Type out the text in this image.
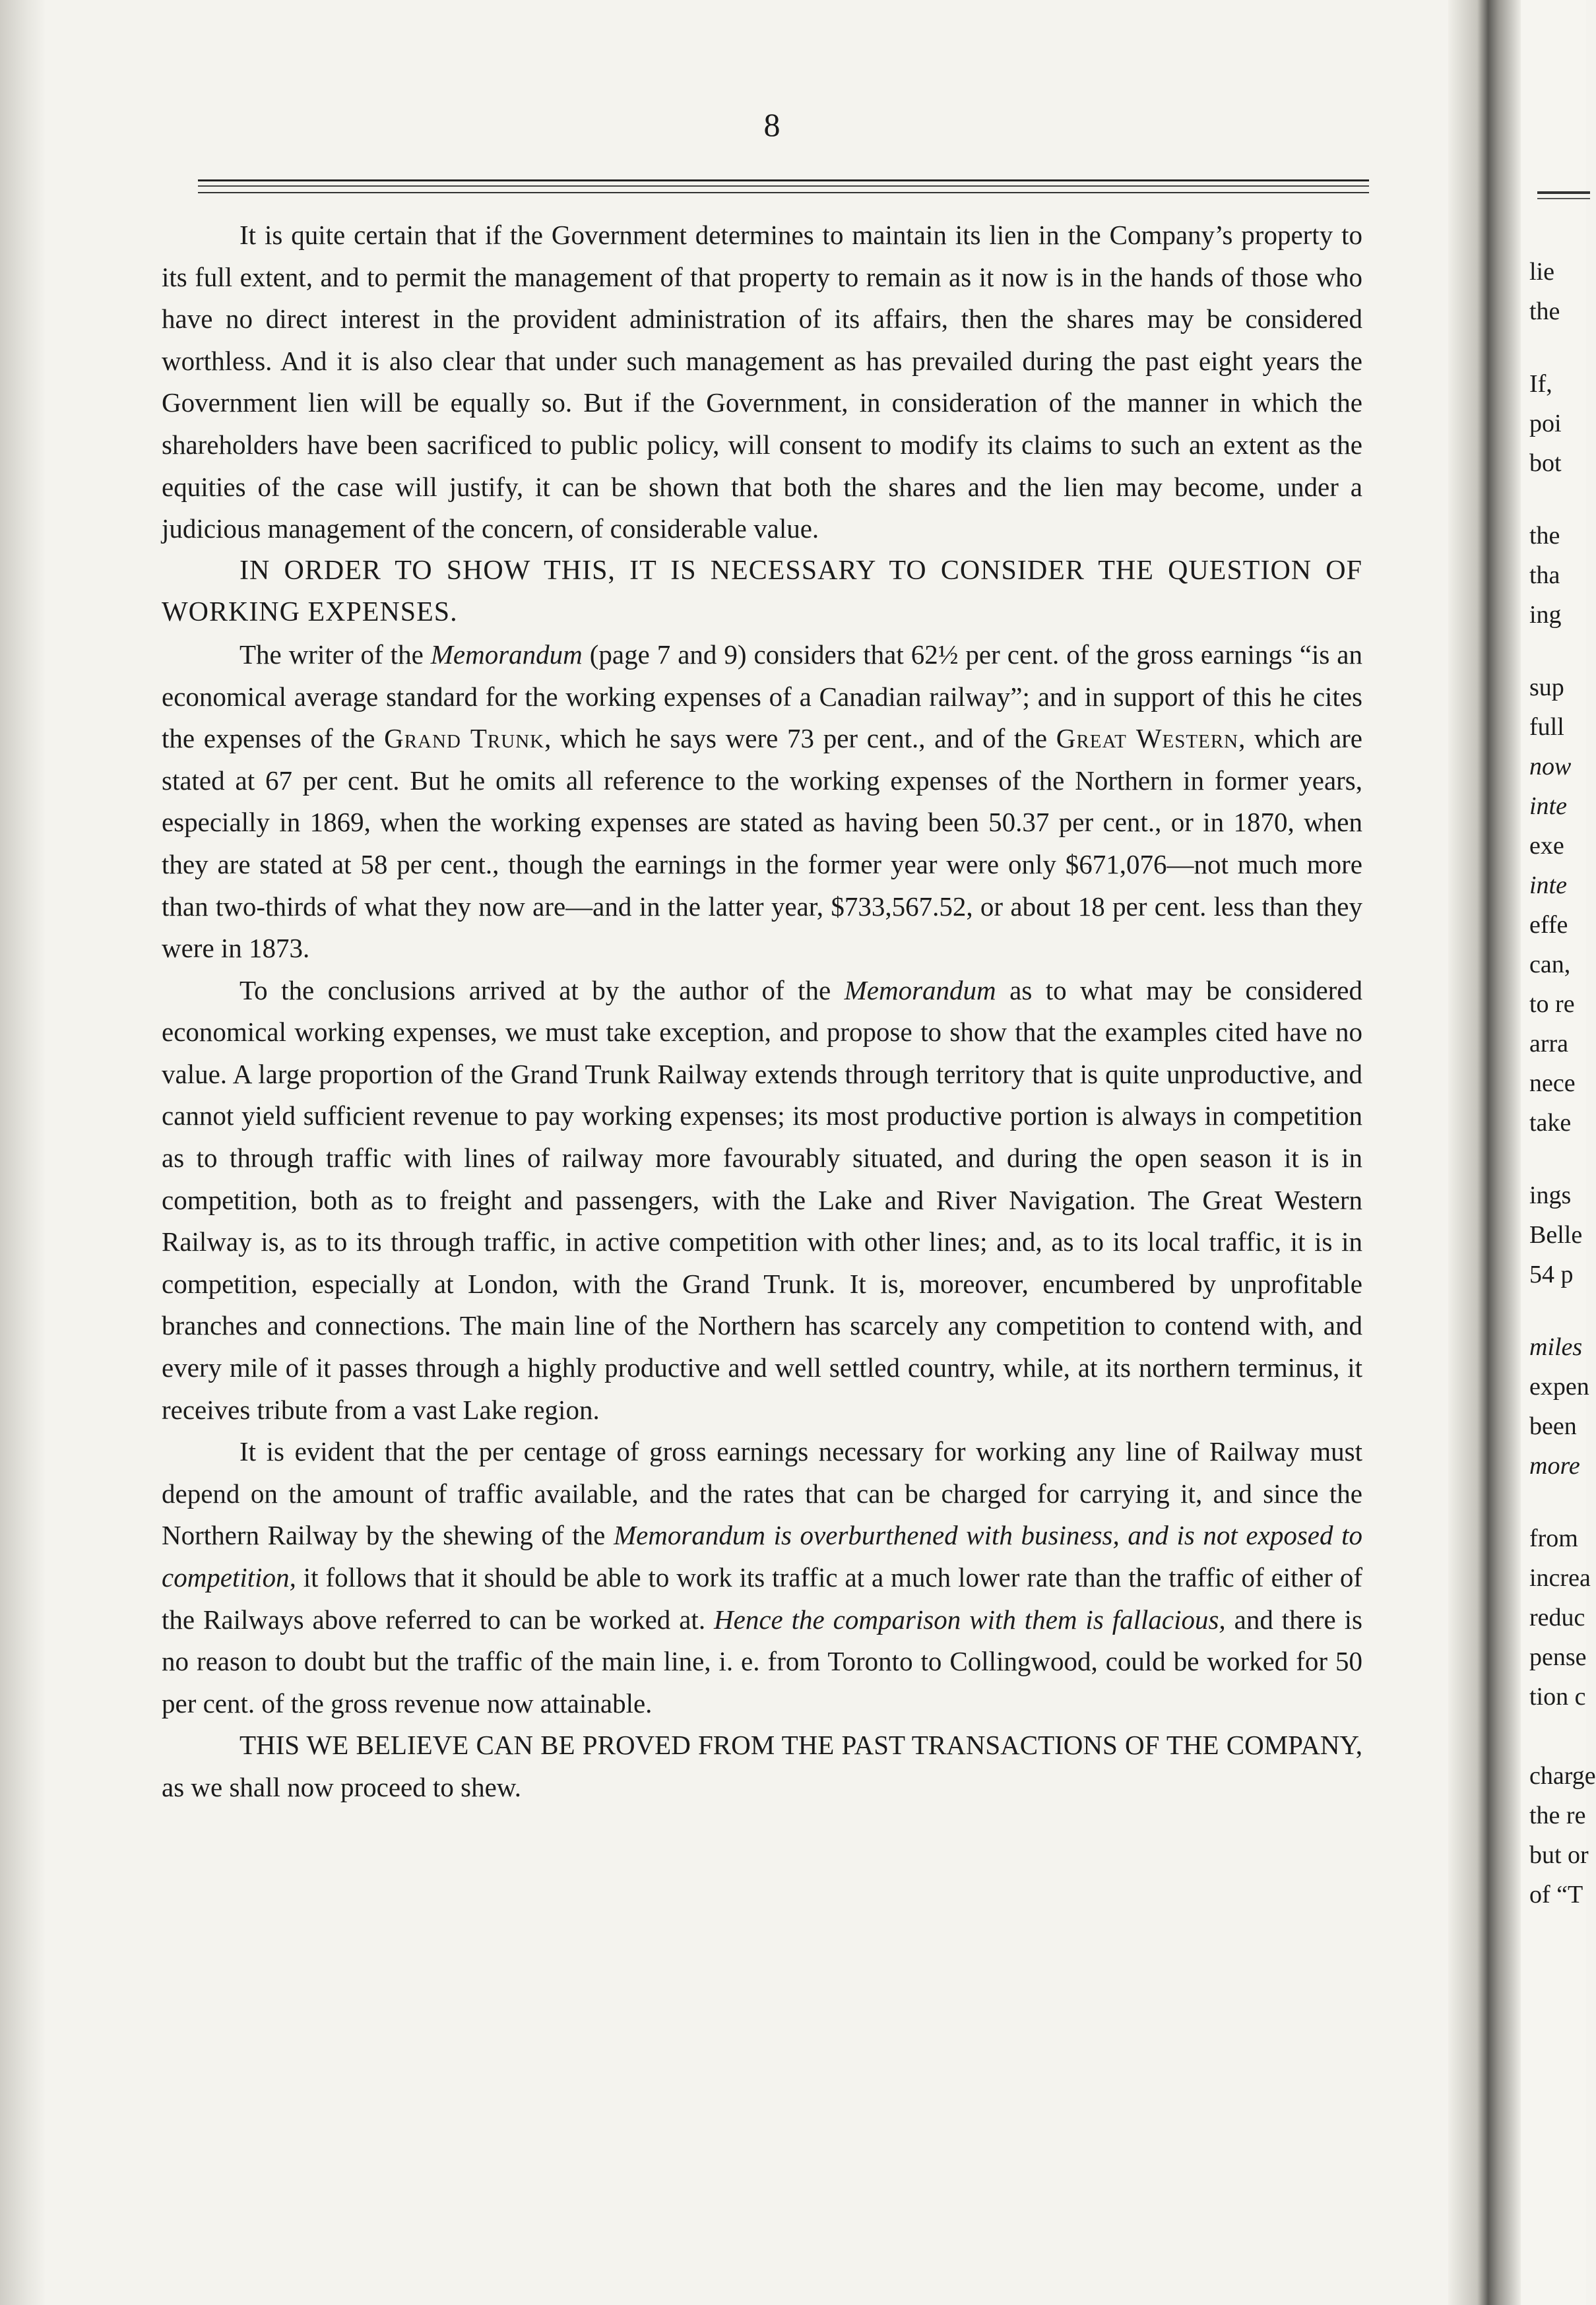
8

It is quite certain that if the Government determines to maintain its lien in the Company’s property to its full extent, and to permit the management of that property to remain as it now is in the hands of those who have no direct interest in the provident administration of its affairs, then the shares may be considered worthless. And it is also clear that under such management as has prevailed during the past eight years the Government lien will be equally so. But if the Government, in consideration of the manner in which the shareholders have been sacrificed to public policy, will consent to modify its claims to such an extent as the equities of the case will justify, it can be shown that both the shares and the lien may become, under a judicious management of the concern, of considerable value.

IN ORDER TO SHOW THIS, IT IS NECESSARY TO CONSIDER THE QUESTION OF WORKING EXPENSES.

The writer of the Memorandum (page 7 and 9) considers that 62½ per cent. of the gross earnings “is an economical average standard for the working expenses of a Canadian railway”; and in support of this he cites the expenses of the Grand Trunk, which he says were 73 per cent., and of the Great Western, which are stated at 67 per cent. But he omits all reference to the working expenses of the Northern in former years, especially in 1869, when the working expenses are stated as having been 50.37 per cent., or in 1870, when they are stated at 58 per cent., though the earnings in the former year were only $671,076—not much more than two-thirds of what they now are—and in the latter year, $733,567.52, or about 18 per cent. less than they were in 1873.

To the conclusions arrived at by the author of the Memorandum as to what may be considered economical working expenses, we must take exception, and propose to show that the examples cited have no value. A large proportion of the Grand Trunk Railway extends through territory that is quite unproductive, and cannot yield sufficient revenue to pay working expenses; its most productive portion is always in competition as to through traffic with lines of railway more favourably situated, and during the open season it is in competition, both as to freight and passengers, with the Lake and River Navigation. The Great Western Railway is, as to its through traffic, in active competition with other lines; and, as to its local traffic, it is in competition, especially at London, with the Grand Trunk. It is, moreover, encumbered by unprofitable branches and connections. The main line of the Northern has scarcely any competition to contend with, and every mile of it passes through a highly productive and well settled country, while, at its northern terminus, it receives tribute from a vast Lake region.

It is evident that the per centage of gross earnings necessary for working any line of Railway must depend on the amount of traffic available, and the rates that can be charged for carrying it, and since the Northern Railway by the shewing of the Memorandum is overburthened with business, and is not exposed to competition, it follows that it should be able to work its traffic at a much lower rate than the traffic of either of the Railways above referred to can be worked at. Hence the comparison with them is fallacious, and there is no reason to doubt but the traffic of the main line, i. e. from Toronto to Collingwood, could be worked for 50 per cent. of the gross revenue now attainable.

THIS WE BELIEVE CAN BE PROVED FROM THE PAST TRANSACTIONS OF THE COMPANY, as we shall now proceed to shew.

lie
the
If,
poi
bot
the
tha
ing
sup
full
now
inte
exe
inte
effe
can,
to re
arra
nece
take
ings
Belle
54 p
miles
expen
been
more
from
increa
reduc
pense
tion c
charge
the re
but or
of “T
